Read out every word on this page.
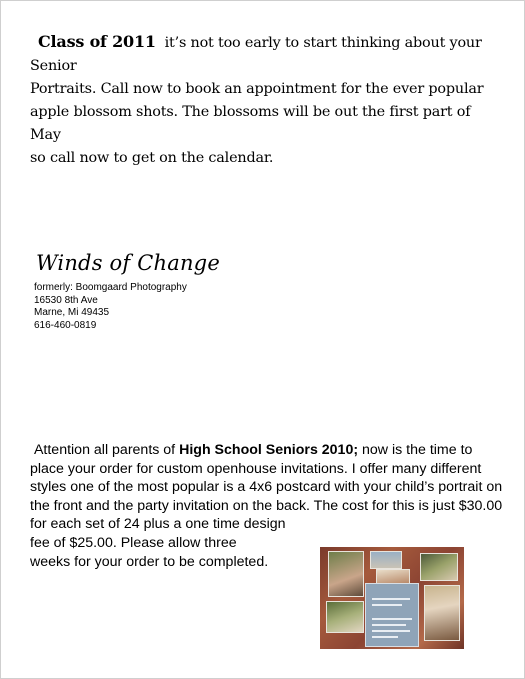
Class of 2011 it’s not too early to start thinking about your Senior
Portraits. Call now to book an appointment for the ever popular
apple blossom shots. The blossoms will be out the first part of May
so call now to get on the calendar.
Winds of Change
formerly: Boomgaard Photography
16530 8th Ave
Marne, Mi 49435
616-460-0819

Attention all parents of High School Seniors 2010; now is the time to place your order for custom openhouse invitations. I offer many different styles one of the most popular is a 4x6 postcard with your child’s portrait on the front and the party invitation on the back. The cost for this is just $30.00 for each set of 24 plus a one time design

fee of $25.00. Please allow three

weeks for your order to be completed.
